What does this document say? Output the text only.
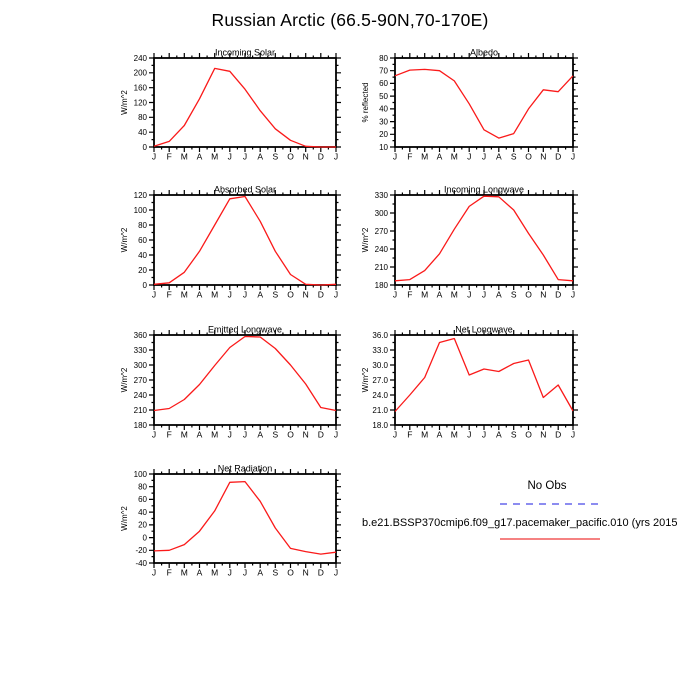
Russian Arctic (66.5-90N,70-170E)
0
40
80
120
160
200
240
J F M A M J J A S O N D J
Incoming Solar
W/m^2
10
20
30
40
50
60
70
80
J F M A M J J A S O N D J
Albedo
% reflected
0
20
40
60
80
100
120
J F M A M J J A S O N D J
Absorbed Solar
W/m^2
180
210
240
270
300
330
J F M A M J J A S O N D J
Incoming Longwave
W/m^2
180
210
240
270
300
330
360
J F M A M J J A S O N D J
Emitted Longwave
W/m^2
18.0
21.0
24.0
27.0
30.0
33.0
36.0
J F M A M J J A S O N D J
Net Longwave
W/m^2
-40
-20
0
20
40
60
80
100
J F M A M J J A S O N D J
Net Radiation
W/m^2
No Obs
b.e21.BSSP370cmip6.f09_g17.pacemaker_pacific.010 (yrs 2015
